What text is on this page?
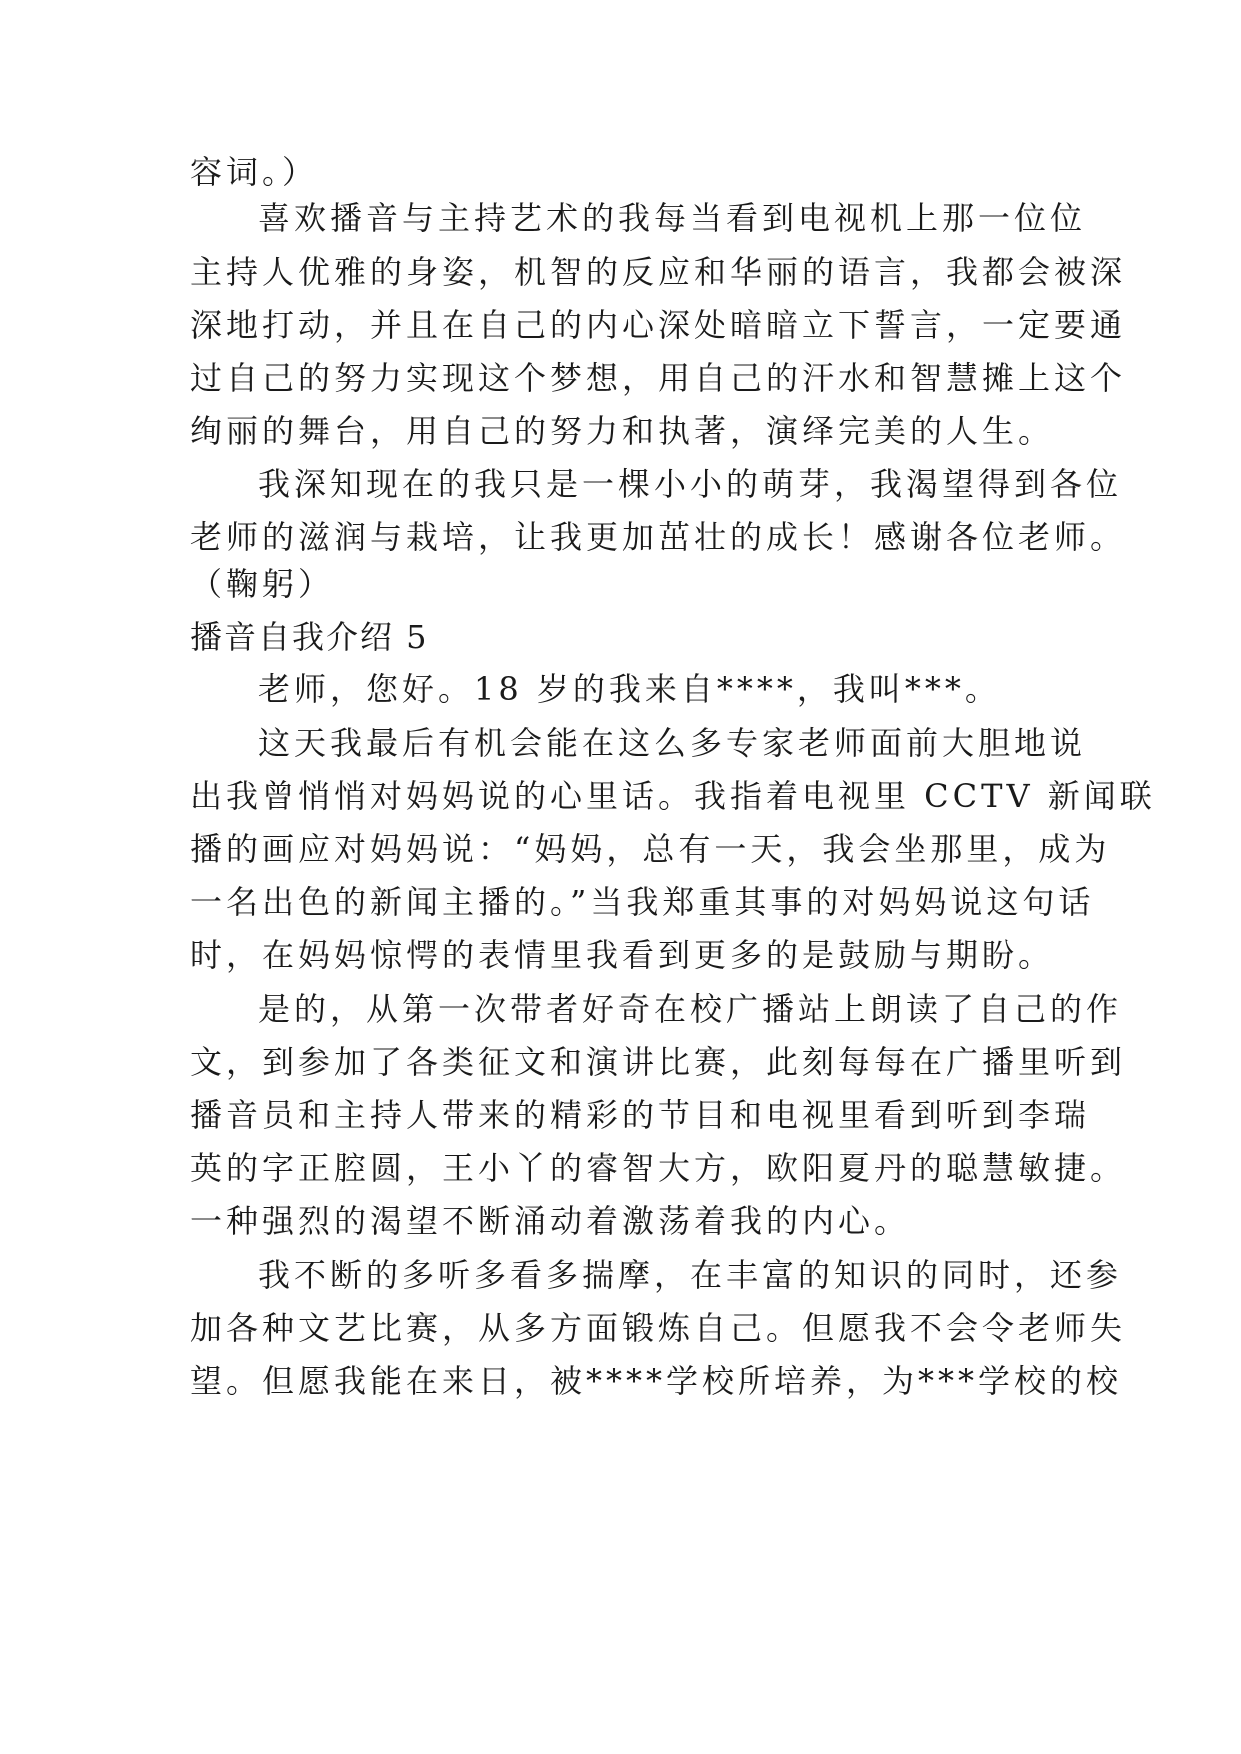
容词。）
喜欢播音与主持艺术的我每当看到电视机上那一位位
主持人优雅的身姿，机智的反应和华丽的语言，我都会被深
深地打动，并且在自己的内心深处暗暗立下誓言，一定要通
过自己的努力实现这个梦想，用自己的汗水和智慧摊上这个
绚丽的舞台，用自己的努力和执著，演绎完美的人生。
我深知现在的我只是一棵小小的萌芽，我渴望得到各位
老师的滋润与栽培，让我更加茁壮的成长！感谢各位老师。
（鞠躬）
播音自我介绍 5
老师，您好。18 岁的我来自****，我叫***。
这天我最后有机会能在这么多专家老师面前大胆地说
出我曾悄悄对妈妈说的心里话。我指着电视里 CCTV 新闻联
播的画应对妈妈说：“妈妈，总有一天，我会坐那里，成为
一名出色的新闻主播的。”当我郑重其事的对妈妈说这句话
时，在妈妈惊愕的表情里我看到更多的是鼓励与期盼。
是的，从第一次带者好奇在校广播站上朗读了自己的作
文，到参加了各类征文和演讲比赛，此刻每每在广播里听到
播音员和主持人带来的精彩的节目和电视里看到听到李瑞
英的字正腔圆，王小丫的睿智大方，欧阳夏丹的聪慧敏捷。
一种强烈的渴望不断涌动着激荡着我的内心。
我不断的多听多看多揣摩，在丰富的知识的同时，还参
加各种文艺比赛，从多方面锻炼自己。但愿我不会令老师失
望。但愿我能在来日，被****学校所培养，为***学校的校
